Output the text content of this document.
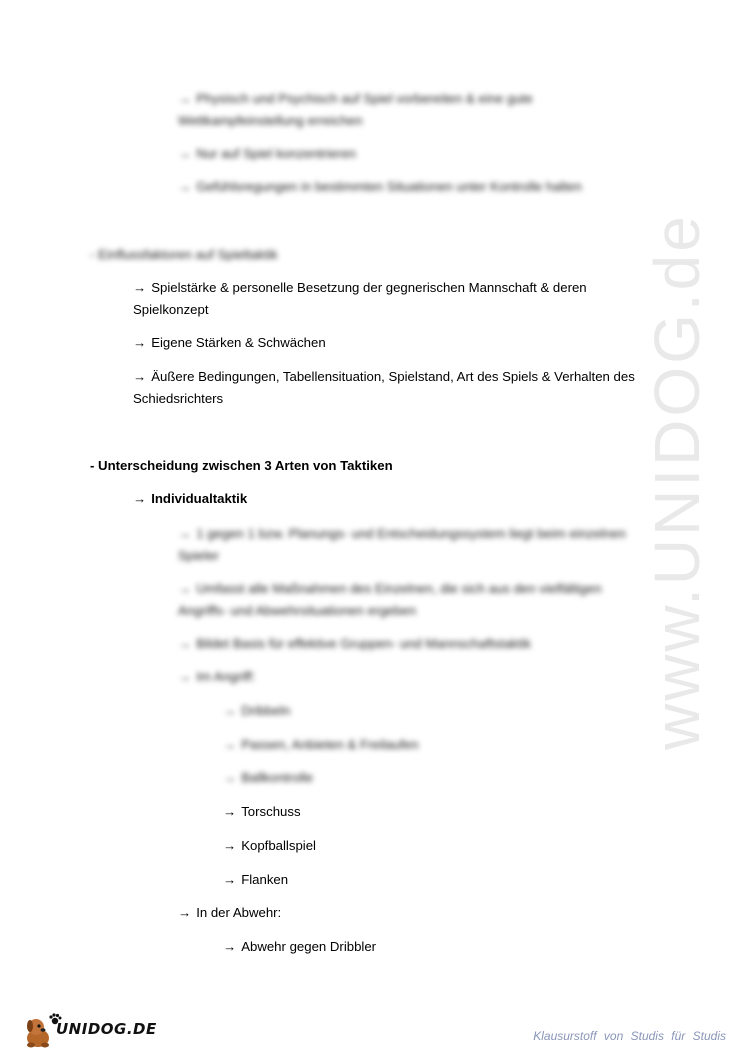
→ Physisch und Psychisch auf Spiel vorbereiten & eine gute
Wettkampfeinstellung erreichen
→ Nur auf Spiel konzentrieren
→ Gefühlsregungen in bestimmten Situationen unter Kontrolle halten
- Einflussfaktoren auf Spieltaktik
→ Spielstärke & personelle Besetzung der gegnerischen Mannschaft & deren
Spielkonzept
→ Eigene Stärken & Schwächen
→ Äußere Bedingungen, Tabellensituation, Spielstand, Art des Spiels & Verhalten des
Schiedsrichters
- Unterscheidung zwischen 3 Arten von Taktiken
→ Individualtaktik
→ 1 gegen 1 bzw. Planungs- und Entscheidungssystem liegt beim einzelnen
Spieler
→ Umfasst alle Maßnahmen des Einzelnen, die sich aus den vielfältigen
Angriffs- und Abwehrsituationen ergeben
→ Bildet Basis für effektive Gruppen- und Mannschaftstaktik
→ Im Angriff:
→ Dribbeln
→ Passen, Anbieten & Freilaufen
→ Ballkontrolle
→ Torschuss
→ Kopfballspiel
→ Flanken
→ In der Abwehr:
→ Abwehr gegen Dribbler
www.UNIDOG.de
UNIDOG.DE	Klausurstoff von Studis für Studis
